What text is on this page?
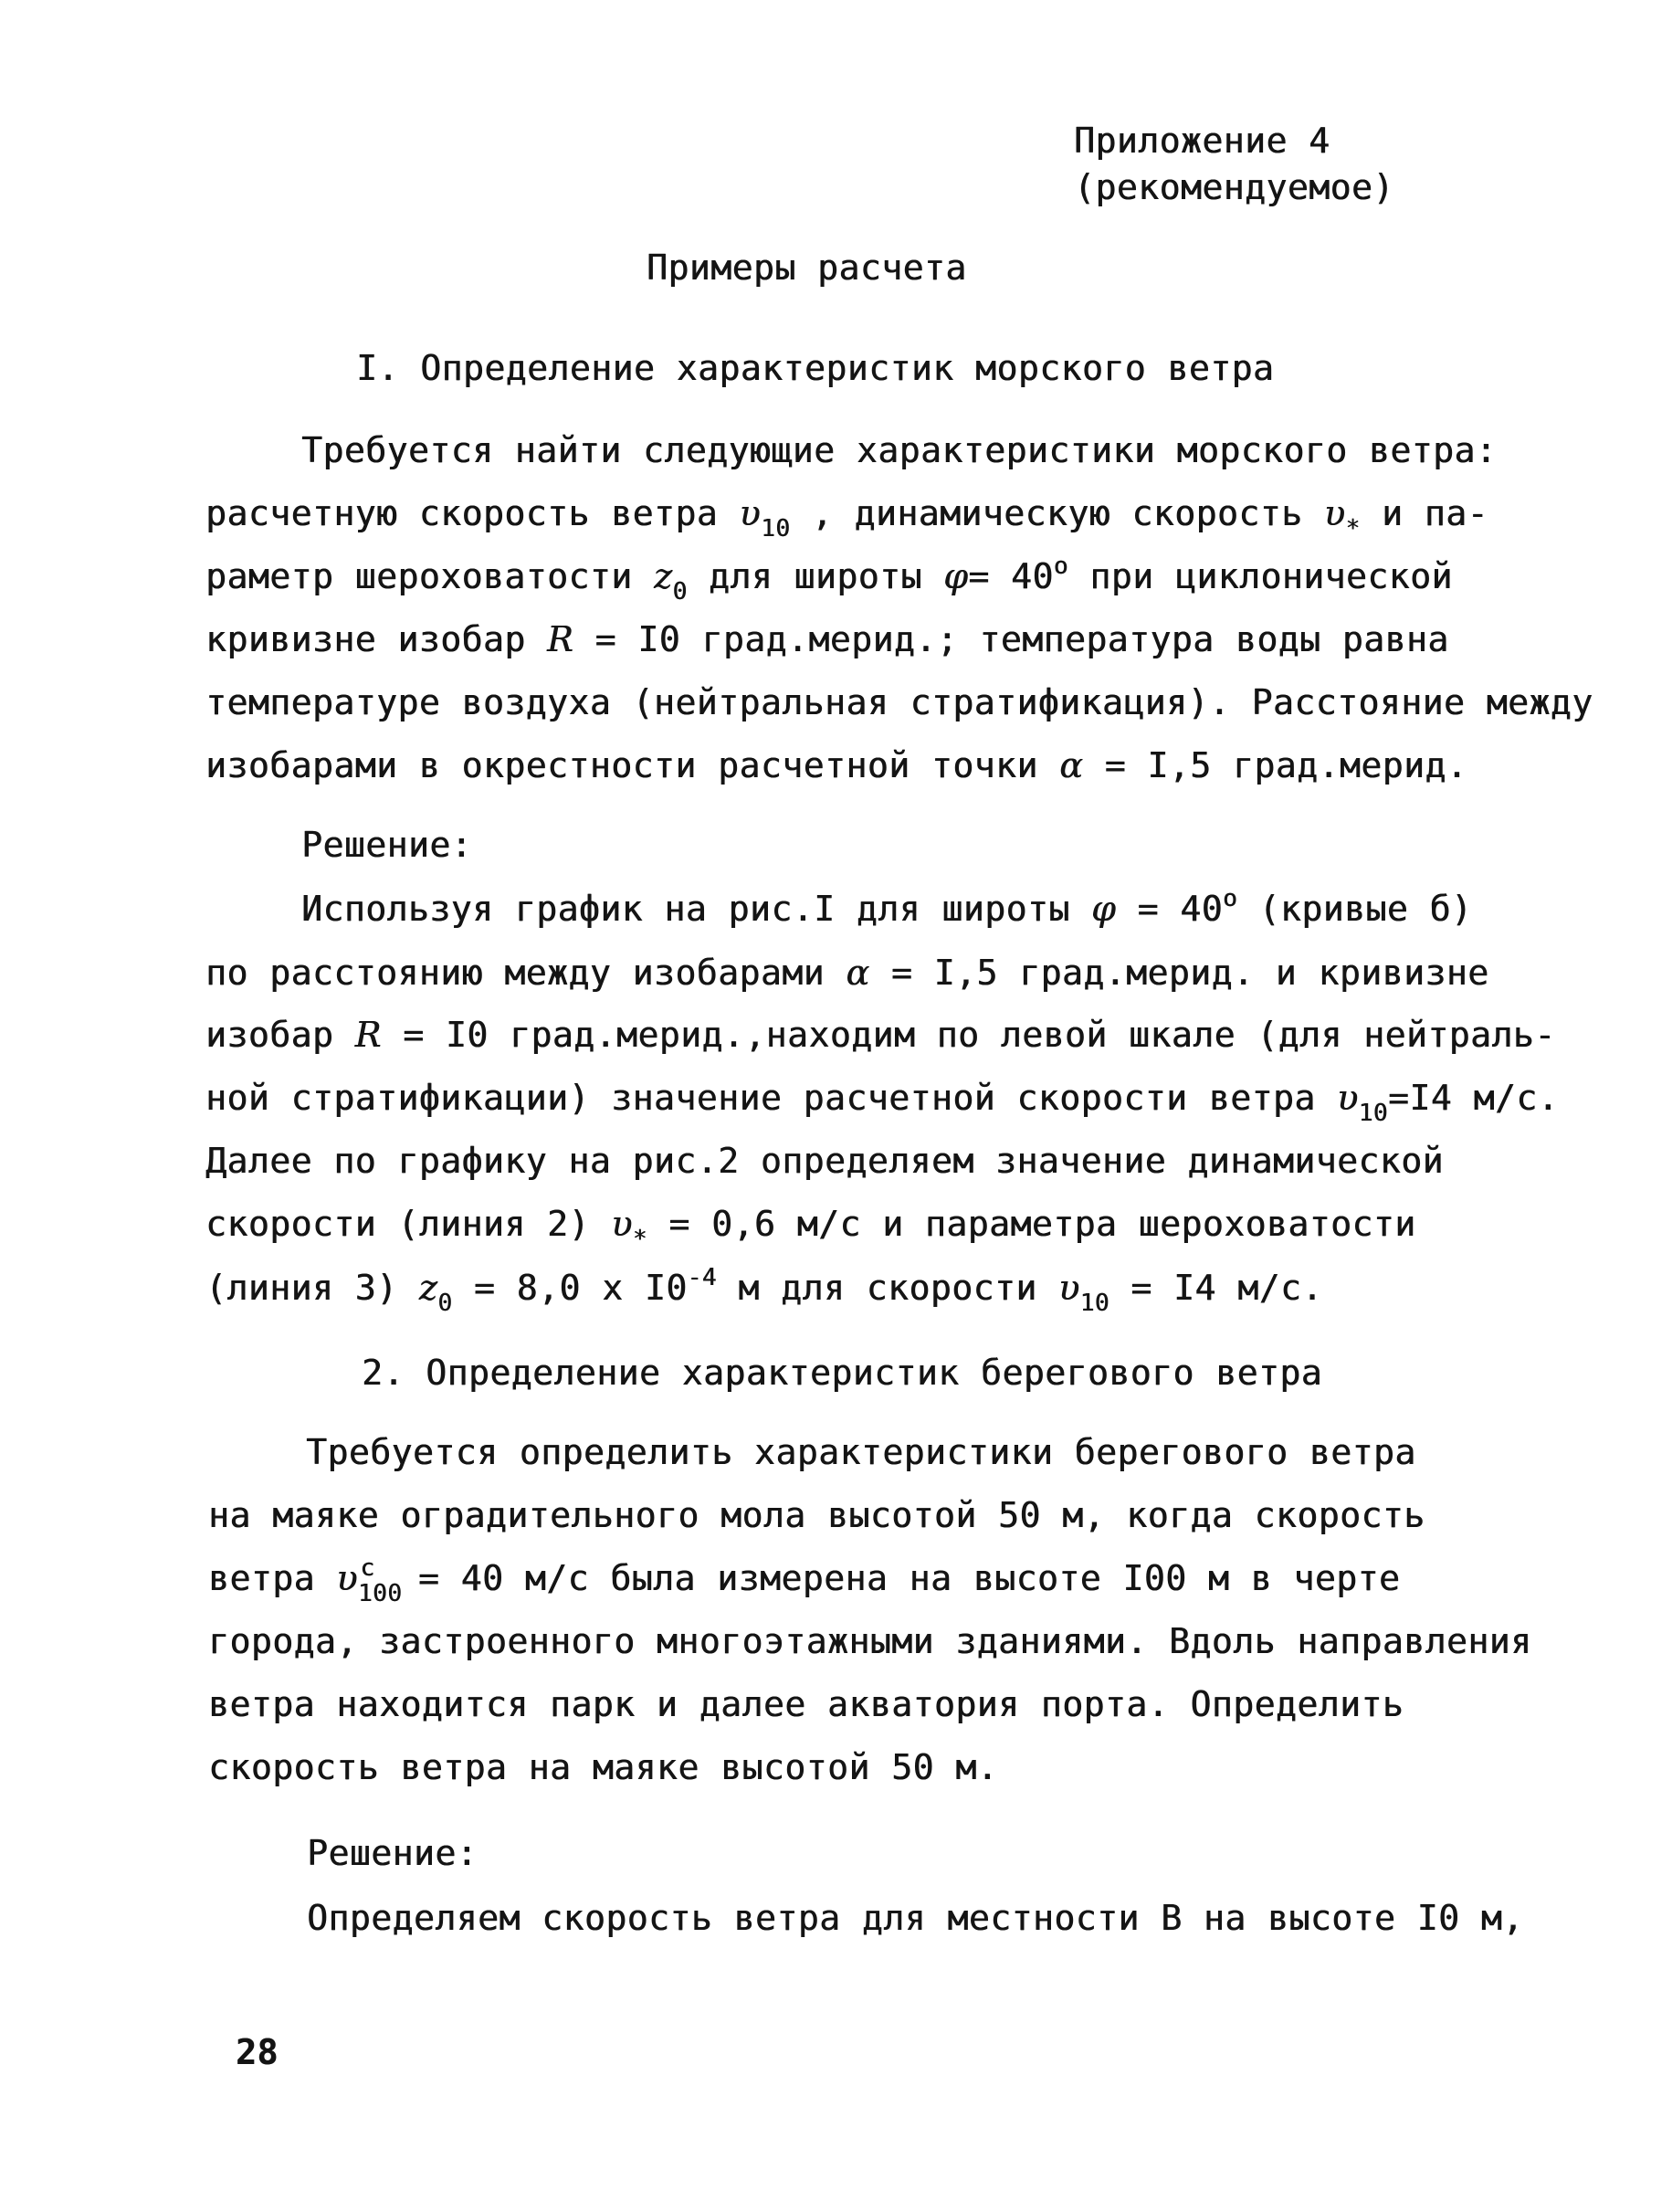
Приложение 4
(рекомендуемое)
Примеры расчета
I. Определение характеристик морского ветра
Требуется найти следующие характеристики морского ветра:
расчетную скорость ветра $\upsilon_{10}$ , динамическую скорость $\upsilon_*$ и па-
раметр шероховатости $z_0$ для широты $\varphi= 40^o$ при циклонической
кривизне изобар R = I0 град.мерид.; температура воды равна
температуре воздуха (нейтральная стратификация). Расстояние между
изобарами в окрестности расчетной точки α = I,5 град.мерид.
Решение:
Используя график на рис.I для широты $\varphi = 40^o$ (кривые б)
по расстоянию между изобарами α = I,5 град.мерид. и кривизне
изобар R = I0 град.мерид.,находим по левой шкале (для нейтраль-
ной стратификации) значение расчетной скорости ветра $\upsilon_{10}=I4$ м/с.
Далее по графику на рис.2 определяем значение динамической
скорости (линия 2) $\upsilon_* = 0,6$ м/с и параметра шероховатости
(линия 3) $z_0 = 8,0$ x $I0^{-4}$ м для скорости $\upsilon_{10} = I4$ м/с.
2. Определение характеристик берегового ветра
Требуется определить характеристики берегового ветра
на маяке оградительного мола высотой 50 м, когда скорость
ветра $\upsilon_{100}^c = 40$ м/с была измерена на высоте I00 м в черте
города, застроенного многоэтажными зданиями. Вдоль направления
ветра находится парк и далее акватория порта. Определить
скорость ветра на маяке высотой 50 м.
Решение:
Определяем скорость ветра для местности B на высоте I0 м,
28
